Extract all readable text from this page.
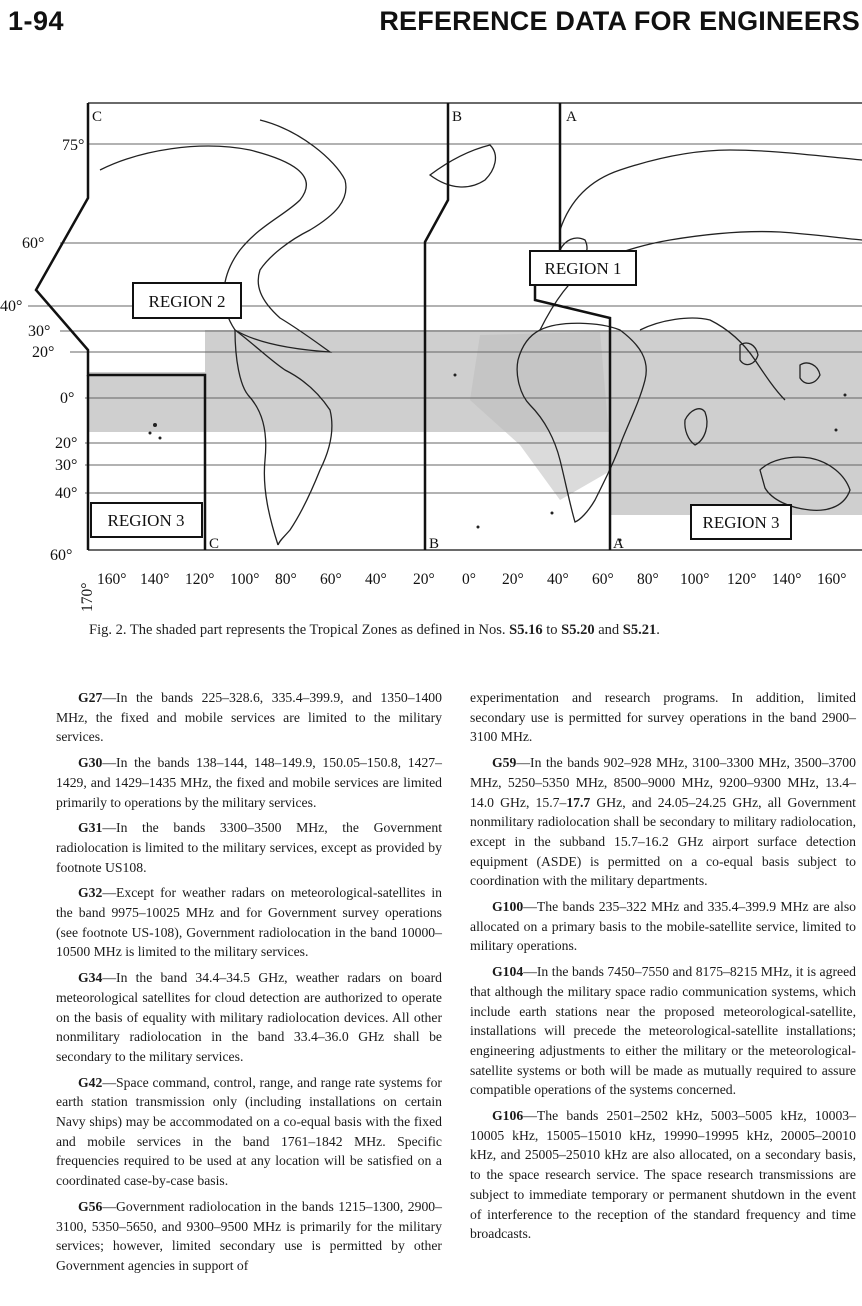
1-94	REFERENCE DATA FOR ENGINEERS
75°
60°
40°
30°
20°
0°
20°
30°
40°
60°
160° 140° 120° 100° 80° 60° 40° 20° 0° 20° 40° 60° 80° 100° 120° 140° 160°
170°
C	B	A
C	B	A
REGION 1
REGION 2
REGION 3	REGION 3
Fig. 2. The shaded part represents the Tropical Zones as defined in Nos. S5.16 to S5.20 and S5.21.

G27—In the bands 225–328.6, 335.4–399.9, and 1350–1400 MHz, the fixed and mobile services are limited to the military services.

G30—In the bands 138–144, 148–149.9, 150.05–150.8, 1427–1429, and 1429–1435 MHz, the fixed and mobile services are limited primarily to operations by the military services.

G31—In the bands 3300–3500 MHz, the Government radiolocation is limited to the military services, except as provided by footnote US108.

G32—Except for weather radars on meteorological-satellites in the band 9975–10025 MHz and for Government survey operations (see footnote US-108), Government radiolocation in the band 10000–10500 MHz is limited to the military services.

G34—In the band 34.4–34.5 GHz, weather radars on board meteorological satellites for cloud detection are authorized to operate on the basis of equality with military radiolocation devices. All other nonmilitary radiolocation in the band 33.4–36.0 GHz shall be secondary to the military services.

G42—Space command, control, range, and range rate systems for earth station transmission only (including installations on certain Navy ships) may be accommodated on a co-equal basis with the fixed and mobile services in the band 1761–1842 MHz. Specific frequencies required to be used at any location will be satisfied on a coordinated case-by-case basis.

G56—Government radiolocation in the bands 1215–1300, 2900–3100, 5350–5650, and 9300–9500 MHz is primarily for the military services; however, limited secondary use is permitted by other Government agencies in support of

experimentation and research programs. In addition, limited secondary use is permitted for survey operations in the band 2900–3100 MHz.

G59—In the bands 902–928 MHz, 3100–3300 MHz, 3500–3700 MHz, 5250–5350 MHz, 8500–9000 MHz, 9200–9300 MHz, 13.4–14.0 GHz, 15.7–17.7 GHz, and 24.05–24.25 GHz, all Government nonmilitary radiolocation shall be secondary to military radiolocation, except in the subband 15.7–16.2 GHz airport surface detection equipment (ASDE) is permitted on a co-equal basis subject to coordination with the military departments.

G100—The bands 235–322 MHz and 335.4–399.9 MHz are also allocated on a primary basis to the mobile-satellite service, limited to military operations.

G104—In the bands 7450–7550 and 8175–8215 MHz, it is agreed that although the military space radio communication systems, which include earth stations near the proposed meteorological-satellite, installations will precede the meteorological-satellite installations; engineering adjustments to either the military or the meteorological-satellite systems or both will be made as mutually required to assure compatible operations of the systems concerned.

G106—The bands 2501–2502 kHz, 5003–5005 kHz, 10003–10005 kHz, 15005–15010 kHz, 19990–19995 kHz, 20005–20010 kHz, and 25005–25010 kHz are also allocated, on a secondary basis, to the space research service. The space research transmissions are subject to immediate temporary or permanent shutdown in the event of interference to the reception of the standard frequency and time broadcasts.
